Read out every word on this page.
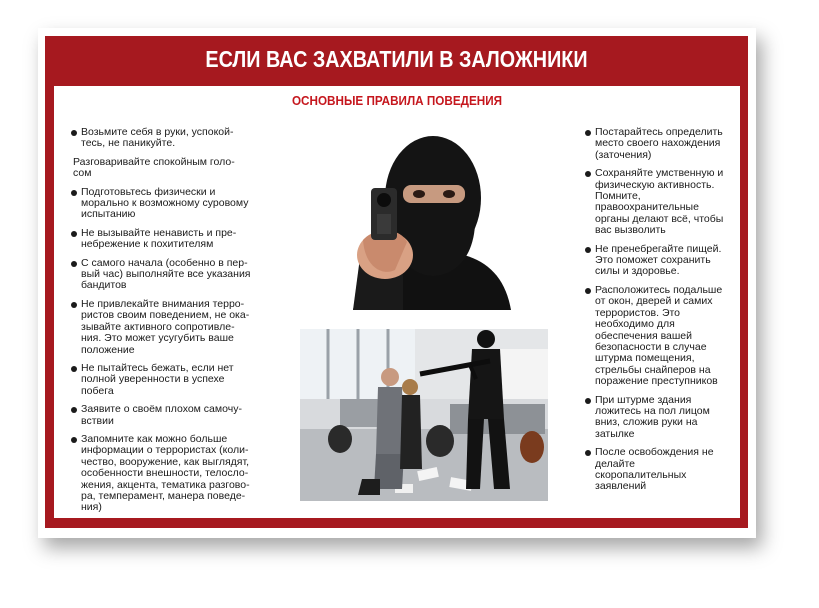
ЕСЛИ ВАС ЗАХВАТИЛИ В ЗАЛОЖНИКИ
ОСНОВНЫЕ ПРАВИЛА ПОВЕДЕНИЯ
Возьмите себя в руки, успокой-
тесь, не паникуйте.
Разговаривайте спокойным голо-
сом
Подготовьтесь физически и
морально к возможному суровому
испытанию
Не вызывайте ненависть и пре-
небрежение к похитителям
С самого начала (особенно в пер-
вый час) выполняйте все указания
бандитов
Не привлекайте внимания терро-
ристов своим поведением, не ока-
зывайте активного сопротивле-
ния. Это может усугубить ваше
положение
Не пытайтесь бежать, если нет
полной уверенности в успехе
побега
Заявите о своём плохом самочу-
вствии
Запомните как можно больше
информации о террористах (коли-
чество, вооружение, как выглядят,
особенности внешности, телосло-
жения, акцента, тематика разгово-
ра, темперамент, манера поведе-
ния)
Постарайтесь определить
место своего нахождения
(заточения)
Сохраняйте умственную и
физическую активность.
Помните,
правоохранительные
органы делают всё, чтобы
вас вызволить
Не пренебрегайте пищей.
Это поможет сохранить
силы и здоровье.
Расположитесь подальше
от окон, дверей и самих
террористов. Это
необходимо для
обеспечения вашей
безопасности в случае
штурма помещения,
стрельбы снайперов на
поражение преступников
При штурме здания
ложитесь на пол лицом
вниз, сложив руки на
затылке
После освобождения не
делайте
скоропалительных
заявлений
